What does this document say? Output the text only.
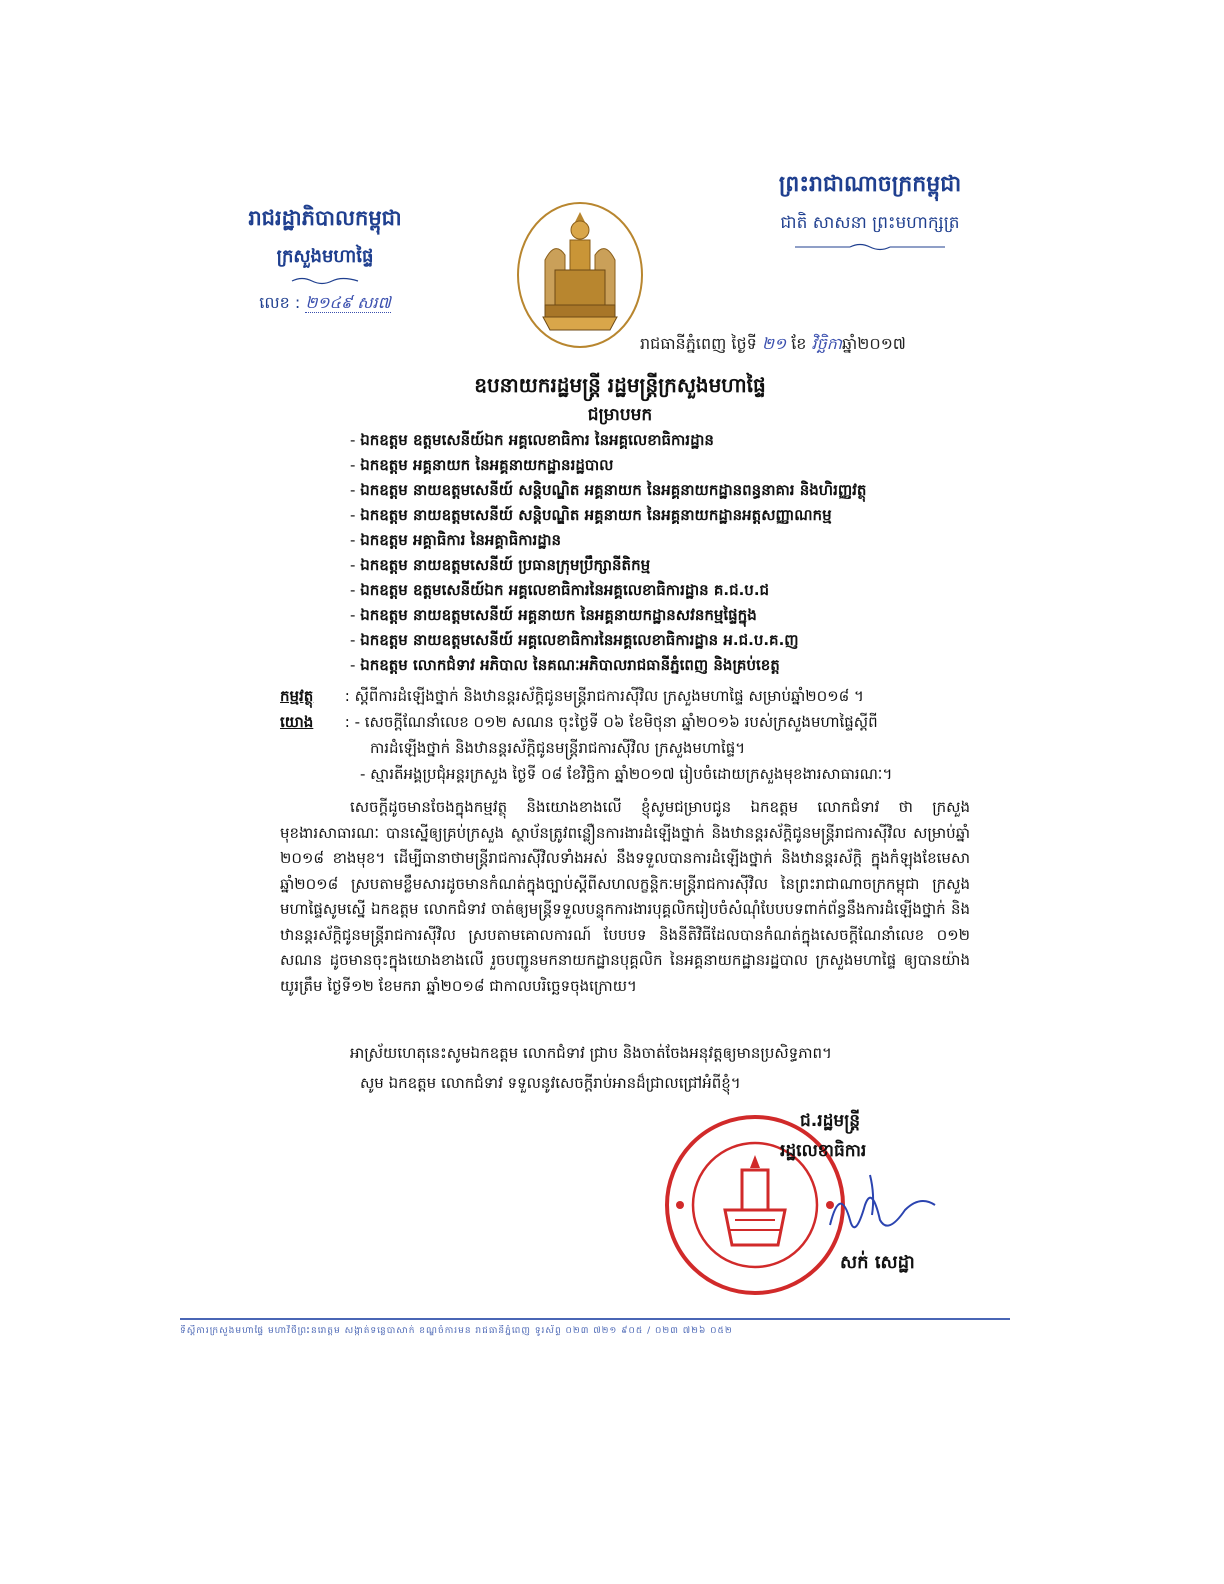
ព្រះរាជាណាចក្រកម្ពុជា
ជាតិ សាសនា ព្រះមហាក្សត្រ
រាជរដ្ឋាភិបាលកម្ពុជា
ក្រសួងមហាផ្ទៃ
លេខ : ២១៤៩ សរ៧
រាជធានីភ្នំពេញ ថ្ងៃទី ២១ ខែ វិច្ឆិកាឆ្នាំ២០១៧
ឧបនាយករដ្ឋមន្ត្រី រដ្ឋមន្ត្រីក្រសួងមហាផ្ទៃ
ជម្រាបមក
- ឯកឧត្តម ឧត្តមសេនីយ៍ឯក អគ្គលេខាធិការ នៃអគ្គលេខាធិការដ្ឋាន
- ឯកឧត្តម អគ្គនាយក នៃអគ្គនាយកដ្ឋានរដ្ឋបាល
- ឯកឧត្តម នាយឧត្តមសេនីយ៍ សន្តិបណ្ឌិត អគ្គនាយក នៃអគ្គនាយកដ្ឋានពន្ធនាគារ និងហិរញ្ញវត្ថុ
- ឯកឧត្តម នាយឧត្តមសេនីយ៍ សន្តិបណ្ឌិត អគ្គនាយក នៃអគ្គនាយកដ្ឋានអត្តសញ្ញាណកម្ម
- ឯកឧត្តម អគ្គាធិការ នៃអគ្គាធិការដ្ឋាន
- ឯកឧត្តម នាយឧត្តមសេនីយ៍ ប្រធានក្រុមប្រឹក្សានីតិកម្ម
- ឯកឧត្តម ឧត្តមសេនីយ៍ឯក អគ្គលេខាធិការនៃអគ្គលេខាធិការដ្ឋាន គ.ជ.ប.ជ
- ឯកឧត្តម នាយឧត្តមសេនីយ៍ អគ្គនាយក នៃអគ្គនាយកដ្ឋានសវនកម្មផ្ទៃក្នុង
- ឯកឧត្តម នាយឧត្តមសេនីយ៍ អគ្គលេខាធិការនៃអគ្គលេខាធិការដ្ឋាន អ.ជ.ប.គ.ញ
- ឯកឧត្តម លោកជំទាវ អភិបាល នៃគណៈអភិបាលរាជធានីភ្នំពេញ និងគ្រប់ខេត្ត
កម្មវត្ថុ : ស្តីពីការដំឡើងថ្នាក់ និងឋានន្តរស័ក្តិជូនមន្ត្រីរាជការស៊ីវិល ក្រសួងមហាផ្ទៃ សម្រាប់ឆ្នាំ២០១៨ ។
យោង : - សេចក្តីណែនាំលេខ ០១២ សណន ចុះថ្ងៃទី ០៦ ខែមិថុនា ឆ្នាំ២០១៦ របស់ក្រសួងមហាផ្ទៃស្តីពី
ការដំឡើងថ្នាក់ និងឋានន្តរស័ក្តិជូនមន្ត្រីរាជការស៊ីវិល ក្រសួងមហាផ្ទៃ។
- ស្មារតីអង្គប្រជុំអន្តរក្រសួង ថ្ងៃទី ០៨ ខែវិច្ឆិកា ឆ្នាំ២០១៧ រៀបចំដោយក្រសួងមុខងារសាធារណៈ។

សេចក្តីដូចមានចែងក្នុងកម្មវត្ថុ និងយោងខាងលើ ខ្ញុំសូមជម្រាបជូន ឯកឧត្តម លោកជំទាវ ថា ក្រសួងមុខងារសាធារណៈ បានស្នើឲ្យគ្រប់ក្រសួង ស្ថាប័នត្រូវពន្លឿនការងារដំឡើងថ្នាក់ និងឋានន្តរស័ក្តិជូនមន្ត្រីរាជការស៊ីវិល សម្រាប់ឆ្នាំ ២០១៨ ខាងមុខ។ ដើម្បីធានាថាមន្ត្រីរាជការស៊ីវិលទាំងអស់ នឹងទទួលបានការដំឡើងថ្នាក់ និងឋានន្តរស័ក្តិ ក្នុងកំឡុងខែមេសា ឆ្នាំ២០១៨ ស្របតាមខ្លឹមសារដូចមានកំណត់ក្នុងច្បាប់ស្តីពីសហលក្ខន្តិកៈមន្ត្រីរាជការស៊ីវិល នៃព្រះរាជាណាចក្រកម្ពុជា ក្រសួងមហាផ្ទៃសូមស្នើ ឯកឧត្តម លោកជំទាវ ចាត់ឲ្យមន្ត្រីទទួលបន្ទុកការងារបុគ្គលិករៀបចំសំណុំបែបបទពាក់ព័ន្ធនឹងការដំឡើងថ្នាក់ និងឋានន្តរស័ក្តិជូនមន្ត្រីរាជការស៊ីវិល ស្របតាមគោលការណ៍ បែបបទ និងនីតិវិធីដែលបានកំណត់ក្នុងសេចក្តីណែនាំលេខ ០១២ សណន ដូចមានចុះក្នុងយោងខាងលើ រួចបញ្ជូនមកនាយកដ្ឋានបុគ្គលិក នៃអគ្គនាយកដ្ឋានរដ្ឋបាល ក្រសួងមហាផ្ទៃ ឲ្យបានយ៉ាងយូរត្រឹម ថ្ងៃទី១២ ខែមករា ឆ្នាំ២០១៨ ជាកាលបរិច្ឆេទចុងក្រោយ។

អាស្រ័យហេតុនេះសូមឯកឧត្តម លោកជំទាវ ជ្រាប និងចាត់ចែងអនុវត្តឲ្យមានប្រសិទ្ធភាព។
សូម ឯកឧត្តម លោកជំទាវ ទទួលនូវសេចក្តីរាប់អានដ៏ជ្រាលជ្រៅអំពីខ្ញុំ។
ជ.រដ្ឋមន្ត្រី
រដ្ឋលេខាធិការ
សក់ សេដ្ឋា
ទីស្តីការក្រសួងមហាផ្ទៃ មហាវិថីព្រះនរោត្តម សង្កាត់ទន្លេបាសាក់ ខណ្ឌចំការមន រាជធានីភ្នំពេញ ទូរស័ព្ទ ០២៣ ៧២១ ៩០៥ / ០២៣ ៧២៦ ០៥២
